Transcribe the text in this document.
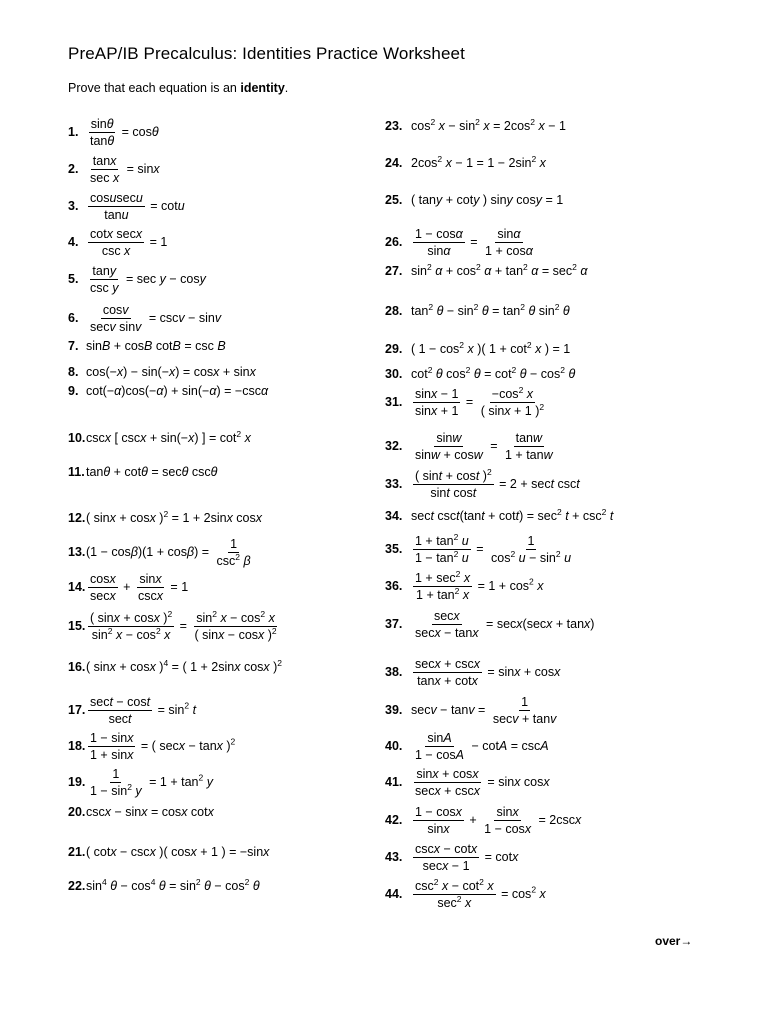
PreAP/IB Precalculus: Identities Practice Worksheet
Prove that each equation is an identity.
1. $\frac{\sin\theta}{\tan\theta} = \cos\theta$
2.
tanx
sec x
= sinx
3.
cosusecu
tanu
= cotu
4.
cotx secx
csc x
= 1
5.
tany
csc y
= sec y − cosy
6.
cosv
secv sinv
= cscv − sinv
7. sinB + cosB cotB = csc B
8. cos(−x) − sin(−x) = cosx + sinx
9. cot(−α)cos(−α) + sin(−α) = −cscα
10. cscx [ cscx + sin(−x) ] = $\cot^2 x$
11. tanθ + cotθ = secθ cscθ
12. ( sinx + cosx )$^2$ = 1 + 2sinx cosx
13. (1 − cosβ)(1 + cosβ) =
1
$\csc^2 \beta$
14.
cosx
secx
+
sinx
cscx
= 1
15. $\frac{( \sin x + \cos x )^2}{\sin^2 x - \cos^2 x} = \frac{\sin^2 x - \cos^2 x}{( \sin x - \cos x )^2}$
16. ( sinx + cosx )$^4$ = ( 1 + 2sinx cosx )$^2$
17.
sect − cost
sect
= $\sin^2 t$
18. $\frac{1 - \sin x}{1 + \sin x}$ = ( secx − tanx )$^2$
19. $\frac{1}{1 - \sin^2 y} = 1 + \tan^2 y$
20. cscx − sinx = cosx cotx
21. ( cotx − cscx )( cosx + 1 ) = −sinx
22. $\sin^4 \theta - \cos^4 \theta = \sin^2 \theta - \cos^2 \theta$
23. $\cos^2 x - \sin^2 x = 2\cos^2$ x − 1
24. $2\cos^2$ $x - 1 = 1 - 2\sin^2$ x
25. ( tany + coty ) siny cosy = 1
26. $\frac{1 - \cos\alpha}{\sin\alpha} = \frac{\sin\alpha}{1 + \cos\alpha}$
27. $\sin^2 \alpha + \cos^2 \alpha + \tan^2 \alpha = \sec^2 \alpha$
28. $\tan^2 \theta - \sin^2 \theta = \tan^2 \theta$ $\sin^2 \theta$
29. ( $1 - \cos^2 x$ )( $1 + \cot^2 x$ ) = 1
30. $\cot^2 \theta$ $\cos^2 \theta = \cot^2 \theta - \cos^2 \theta$
31. $\frac{\sin x - 1}{\sin x + 1} = \frac{-\cos^2 x}{( \sin x + 1 )^2}$
32. $\frac{\sin w}{\sin w + \cos w} = \frac{\tan w}{1 + \tan w}$
33. $\frac{( \sin t + \cos t )^2}{\text{sint cost}} = 2 + \sec t$ csct
34. sect $\csc t(\tan t + \cot t) = \sec^2 t + \csc^2 t$
35. $\frac{1 + \tan^2 u}{1 - \tan^2 u} = \frac{1}{\cos^2 u - \sin^2 u}$
36.
$1 + \sec^2 x$
$1 + \tan^2 x$
= $1 + \cos^2 x$
37.
secx
secx − tanx
= secx(secx + tanx)
38.
secx + cscx
tanx + cotx
= sinx + cosx
39. secv − tanv =
1
secv + tanv
40. $\frac{\sin A}{1 - \cos A} - \cot A = \csc A$
41.
sinx + cosx
secx + cscx
= sinx cosx
42. $\frac{1 - \cos x}{\sin x} + \frac{\sin x}{1 - \cos x} = 2\csc x$
43.
cscx − cotx
secx − 1
= cotx
44.
$\csc^2 x - \cot^2 x$
$\sec^2 x$
= $\cos^2 x$
over→
